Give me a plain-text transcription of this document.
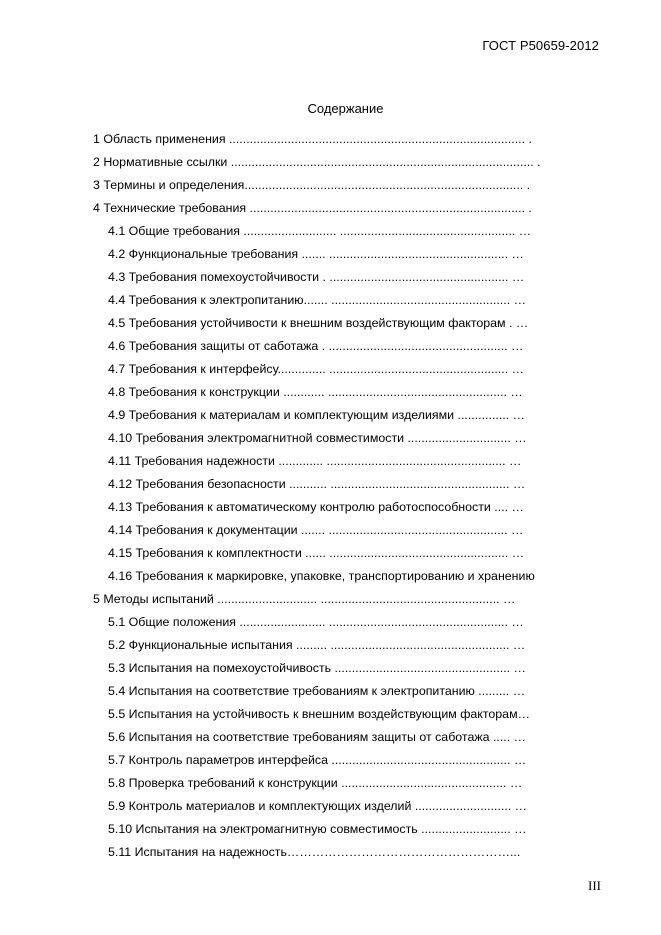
ГОСТ Р50659-2012
Содержание
1 Область применения ...................................................................................... .
2 Нормативные ссылки ........................................................................................ .
3 Термины и определения................................................................................. .
4 Технические требования ................................................................................ .
4.1 Общие требования ........................... ................................................... …
4.2 Функциональные требования ....... .................................................... …
4.3 Требования помехоустойчивости . .................................................... …
4.4 Требования к электропитанию....... .................................................... …
4.5 Требования устойчивости к внешним воздействующим факторам . …
4.6 Требования защиты от саботажа . .................................................... …
4.7 Требования к интерфейсу.............. .................................................... …
4.8 Требования к конструкции ............ .................................................... …
4.9 Требования к материалам и комплектующим изделиями ............... …
4.10 Требования электромагнитной совместимости .............................. …
4.11 Требования надежности ............. .................................................... …
4.12 Требования безопасности ........... .................................................... …
4.13 Требования к автоматическому контролю работоспособности .... …
4.14 Требования к документации ....... .................................................... …
4.15 Требования к комплектности ...... .................................................... …
4.16 Требования к маркировке, упаковке, транспортированию и хранению
5 Методы испытаний ............................. .................................................... …
5.1 Общие положения ......................... .................................................... …
5.2 Функциональные испытания ......... .................................................... …
5.3 Испытания на помехоустойчивость ................................................... …
5.4 Испытания на соответствие требованиям к электропитанию ......... …
5.5 Испытания на устойчивость к внешним воздействующим факторам…
5.6 Испытания на соответствие требованиям защиты от саботажа ..... …
5.7 Контроль параметров интерфейса .................................................... …
5.8 Проверка требований к конструкции ................................................ …
5.9 Контроль материалов и комплектующих изделий ............................ …
5.10 Испытания на электромагнитную совместимость .......................... …
5.11 Испытания на надежность………………………………………………...
III
